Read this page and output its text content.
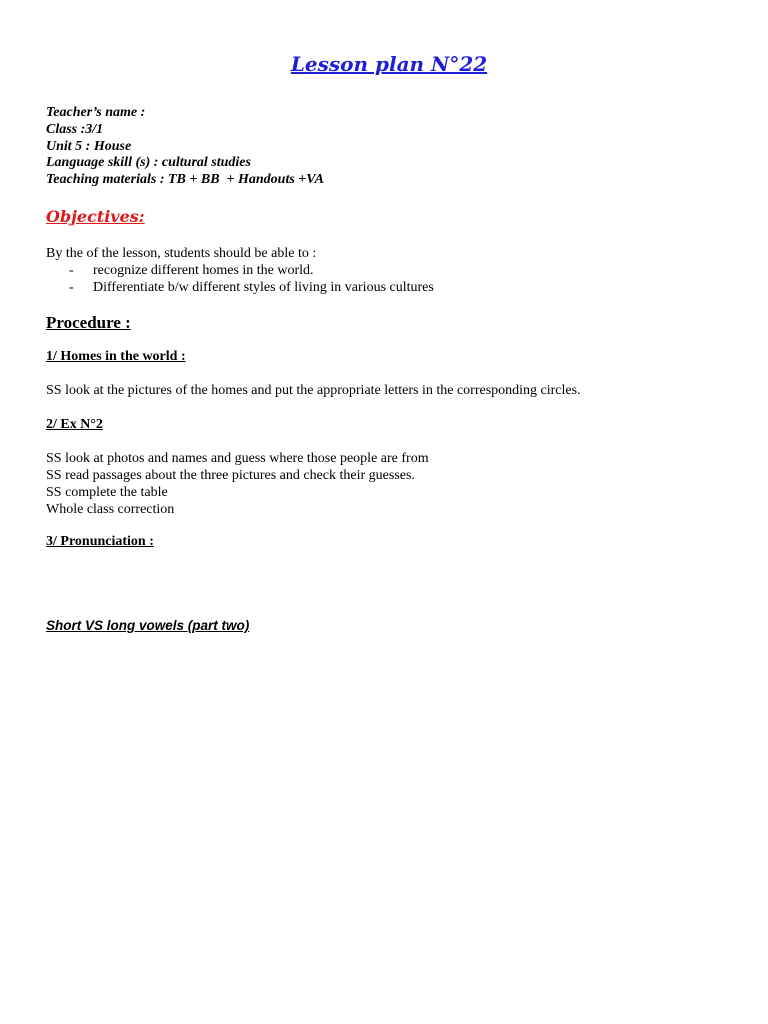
Lesson plan N°22
Teacher’s name :
Class :3/1
Unit 5 : House
Language skill (s) : cultural studies
Teaching materials : TB + BB  + Handouts +VA
Objectives:
By the of the lesson, students should be able to :
- recognize different homes in the world.
- Differentiate b/w different styles of living in various cultures
Procedure :
1/ Homes in the world :
SS look at the pictures of the homes and put the appropriate letters in the corresponding circles.
2/ Ex N°2
SS look at photos and names and guess where those people are from
SS read passages about the three pictures and check their guesses.
SS complete the table
Whole class correction
3/ Pronunciation :
Short VS long vowels (part two)
